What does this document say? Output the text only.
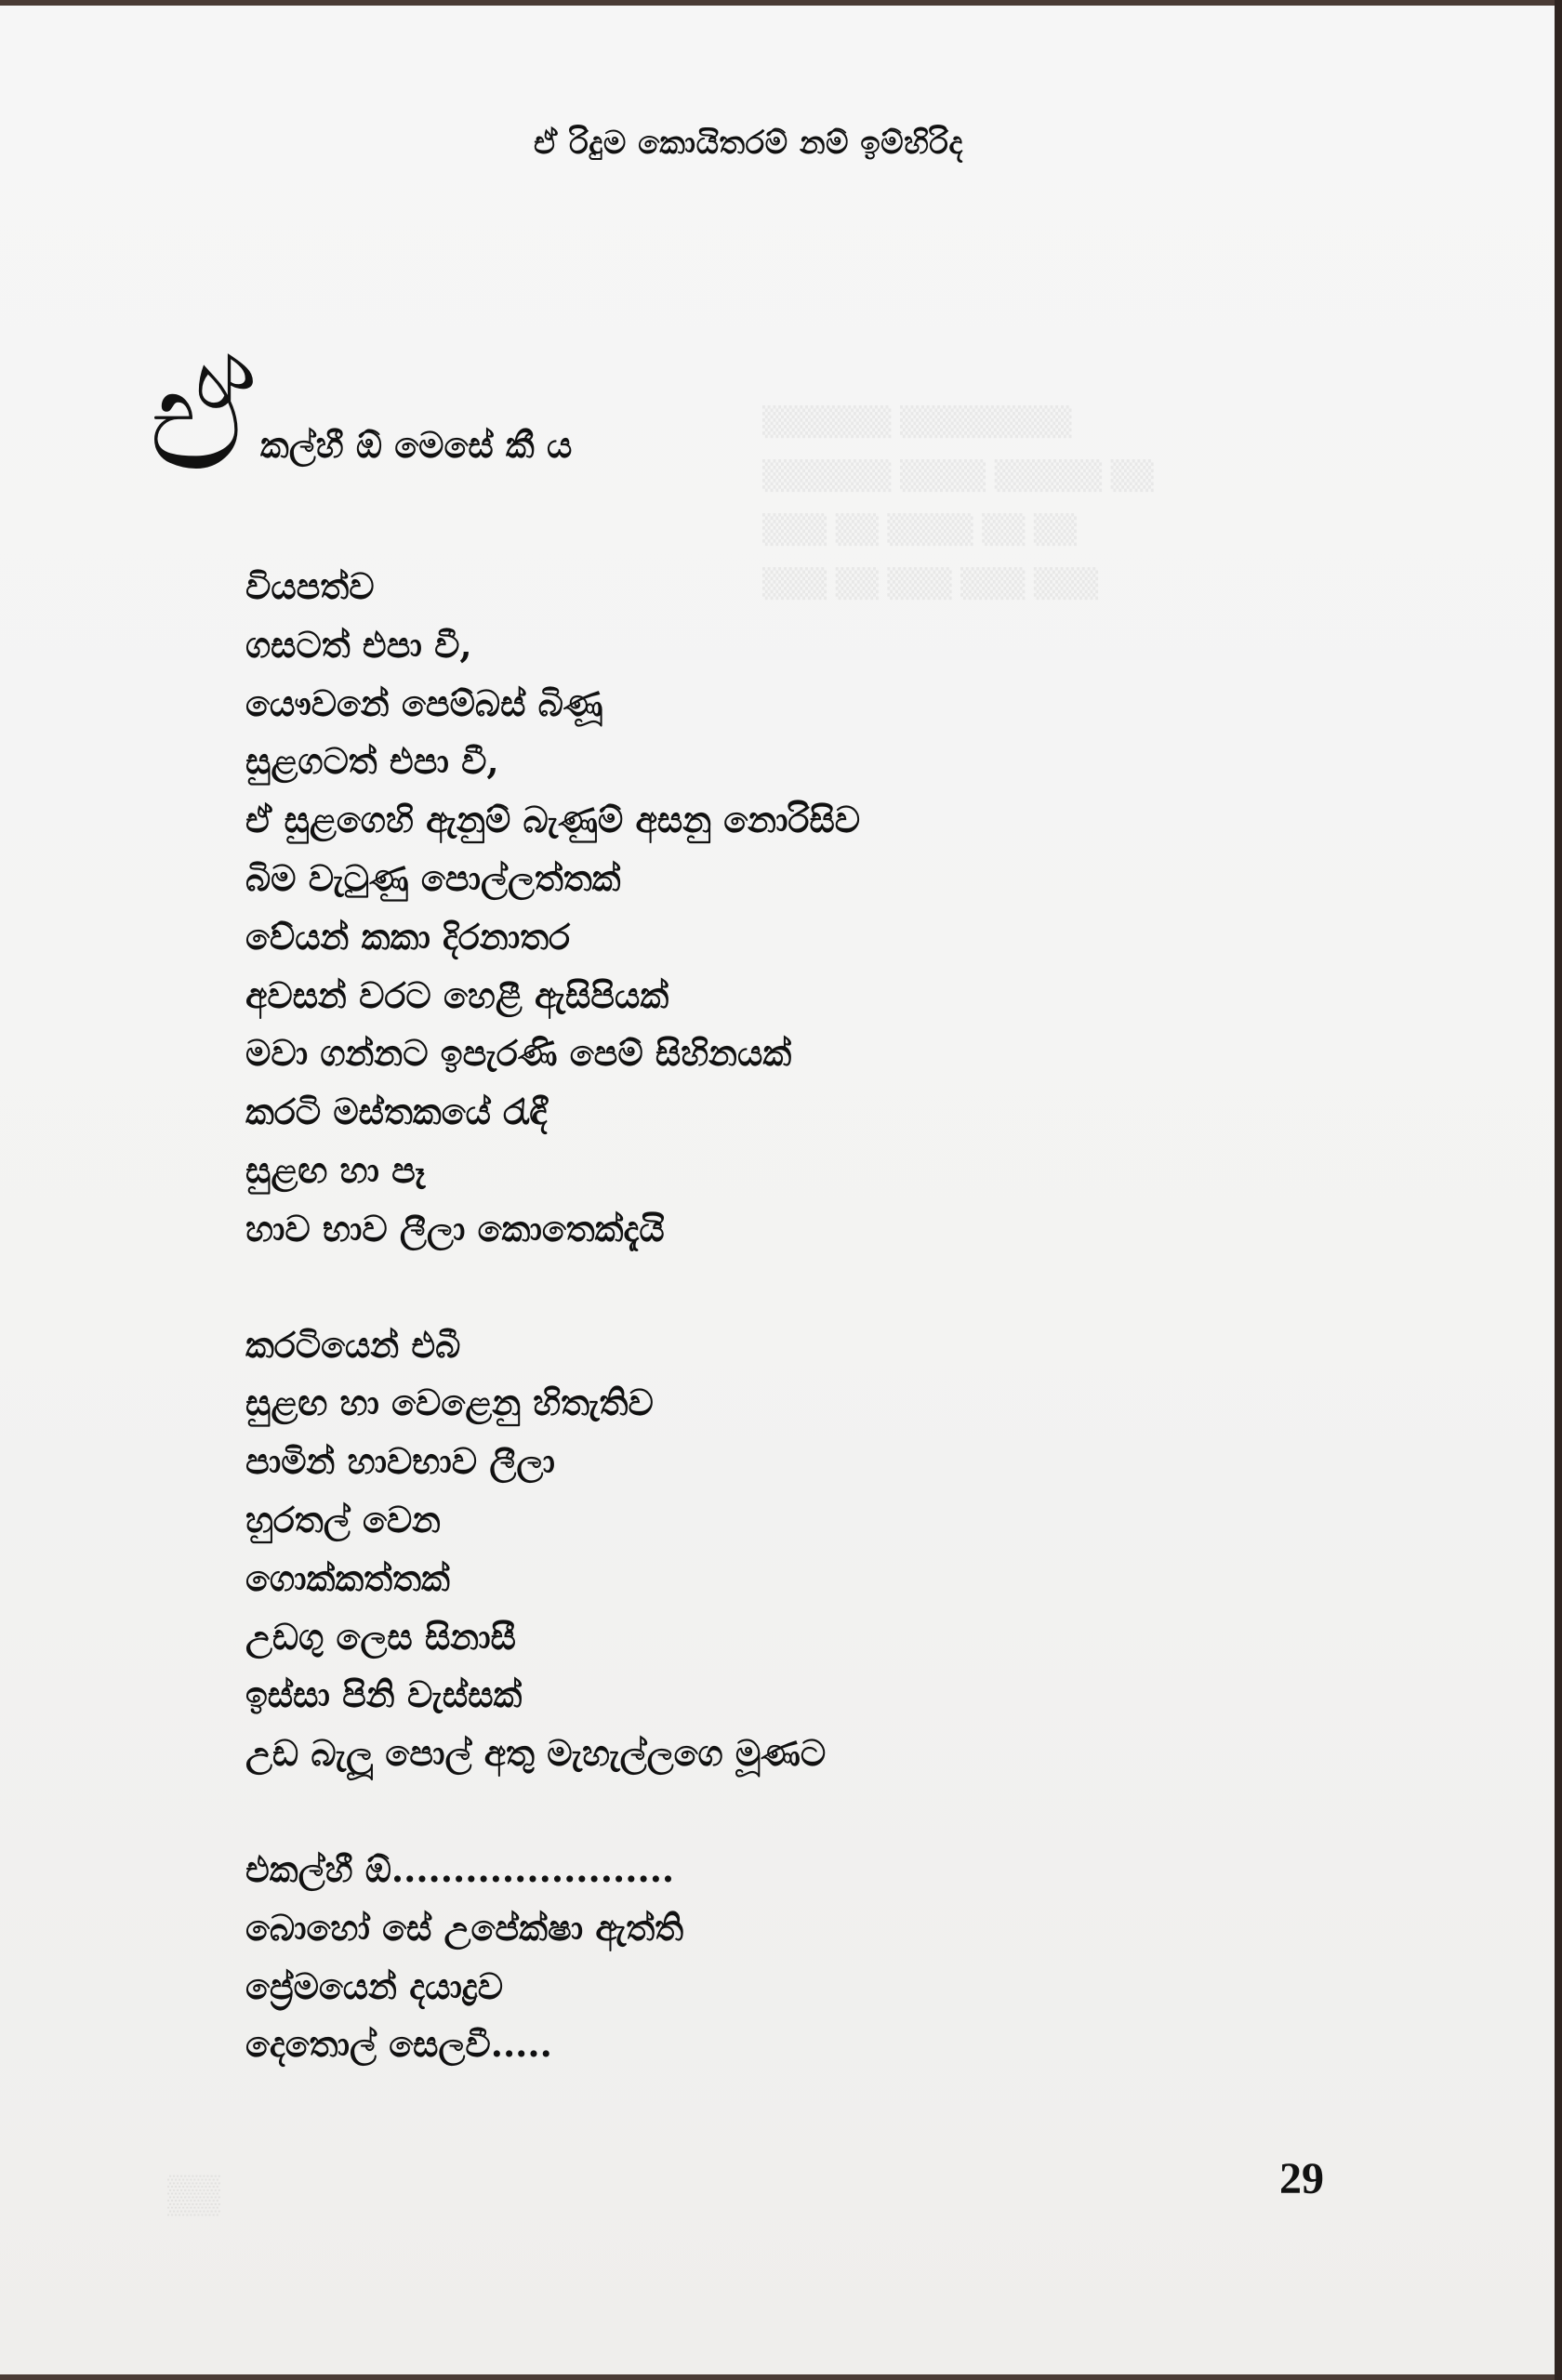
▒▒▒▒▒▒ ▒▒▒▒▒▒▒▒
▒▒▒▒▒▒ ▒▒▒▒ ▒▒▒▒▒ ▒▒
▒▒▒ ▒▒ ▒▒▒▒ ▒▒ ▒▒
▒▒▒ ▒▒ ▒▒▒ ▒▒▒ ▒▒▒
ඒ රිදුම කොයිතරම් නම් ඉම්හිරිද
ඒ කල්හී ඕ මෙසේ කී ය
වියපත්ව
ගසටත් එපා වී,
යෞවනේ පෙම්බස් බිණූ
සුළගටත් එපා වී,
ඒ සුළගෙහි ඇනුම් බැණුම් අසනු නොරිසිව
බිම වැටුණු පොල්ලත්තක්
වේයන් කකා දිරනාතර
අවසන් වරට හෙළී ඇසිපියක්
මවා ගන්නට ඉපැරණි පෙම් සිහිනයක්
කරටි මස්තකයේ රැඳී
සුළඟ හා පෑ
හාව භාව ලීලා කොතෙක්දැයි
කරටියෙන් එබී
සුළඟ හා වෙළෙනු හිතැතිව
පාමින් හාවභාව ලීලා
හුරතල් වෙන
ගොක්කත්තක්
උඩගු ලෙස සිනාසී
ඉස්සා පිනි වැස්සක්
උඩ බැලූ පොල් අතු මැහැල්ලගෙ මූණට
එකල්හී ඕ.......................
බොහෝ සේ උපේක්ෂා ඇත්ති
ප්‍රේමයෙන් දයාද්‍රව
දෙතොල් සෙලවී.....
▒▒	29
